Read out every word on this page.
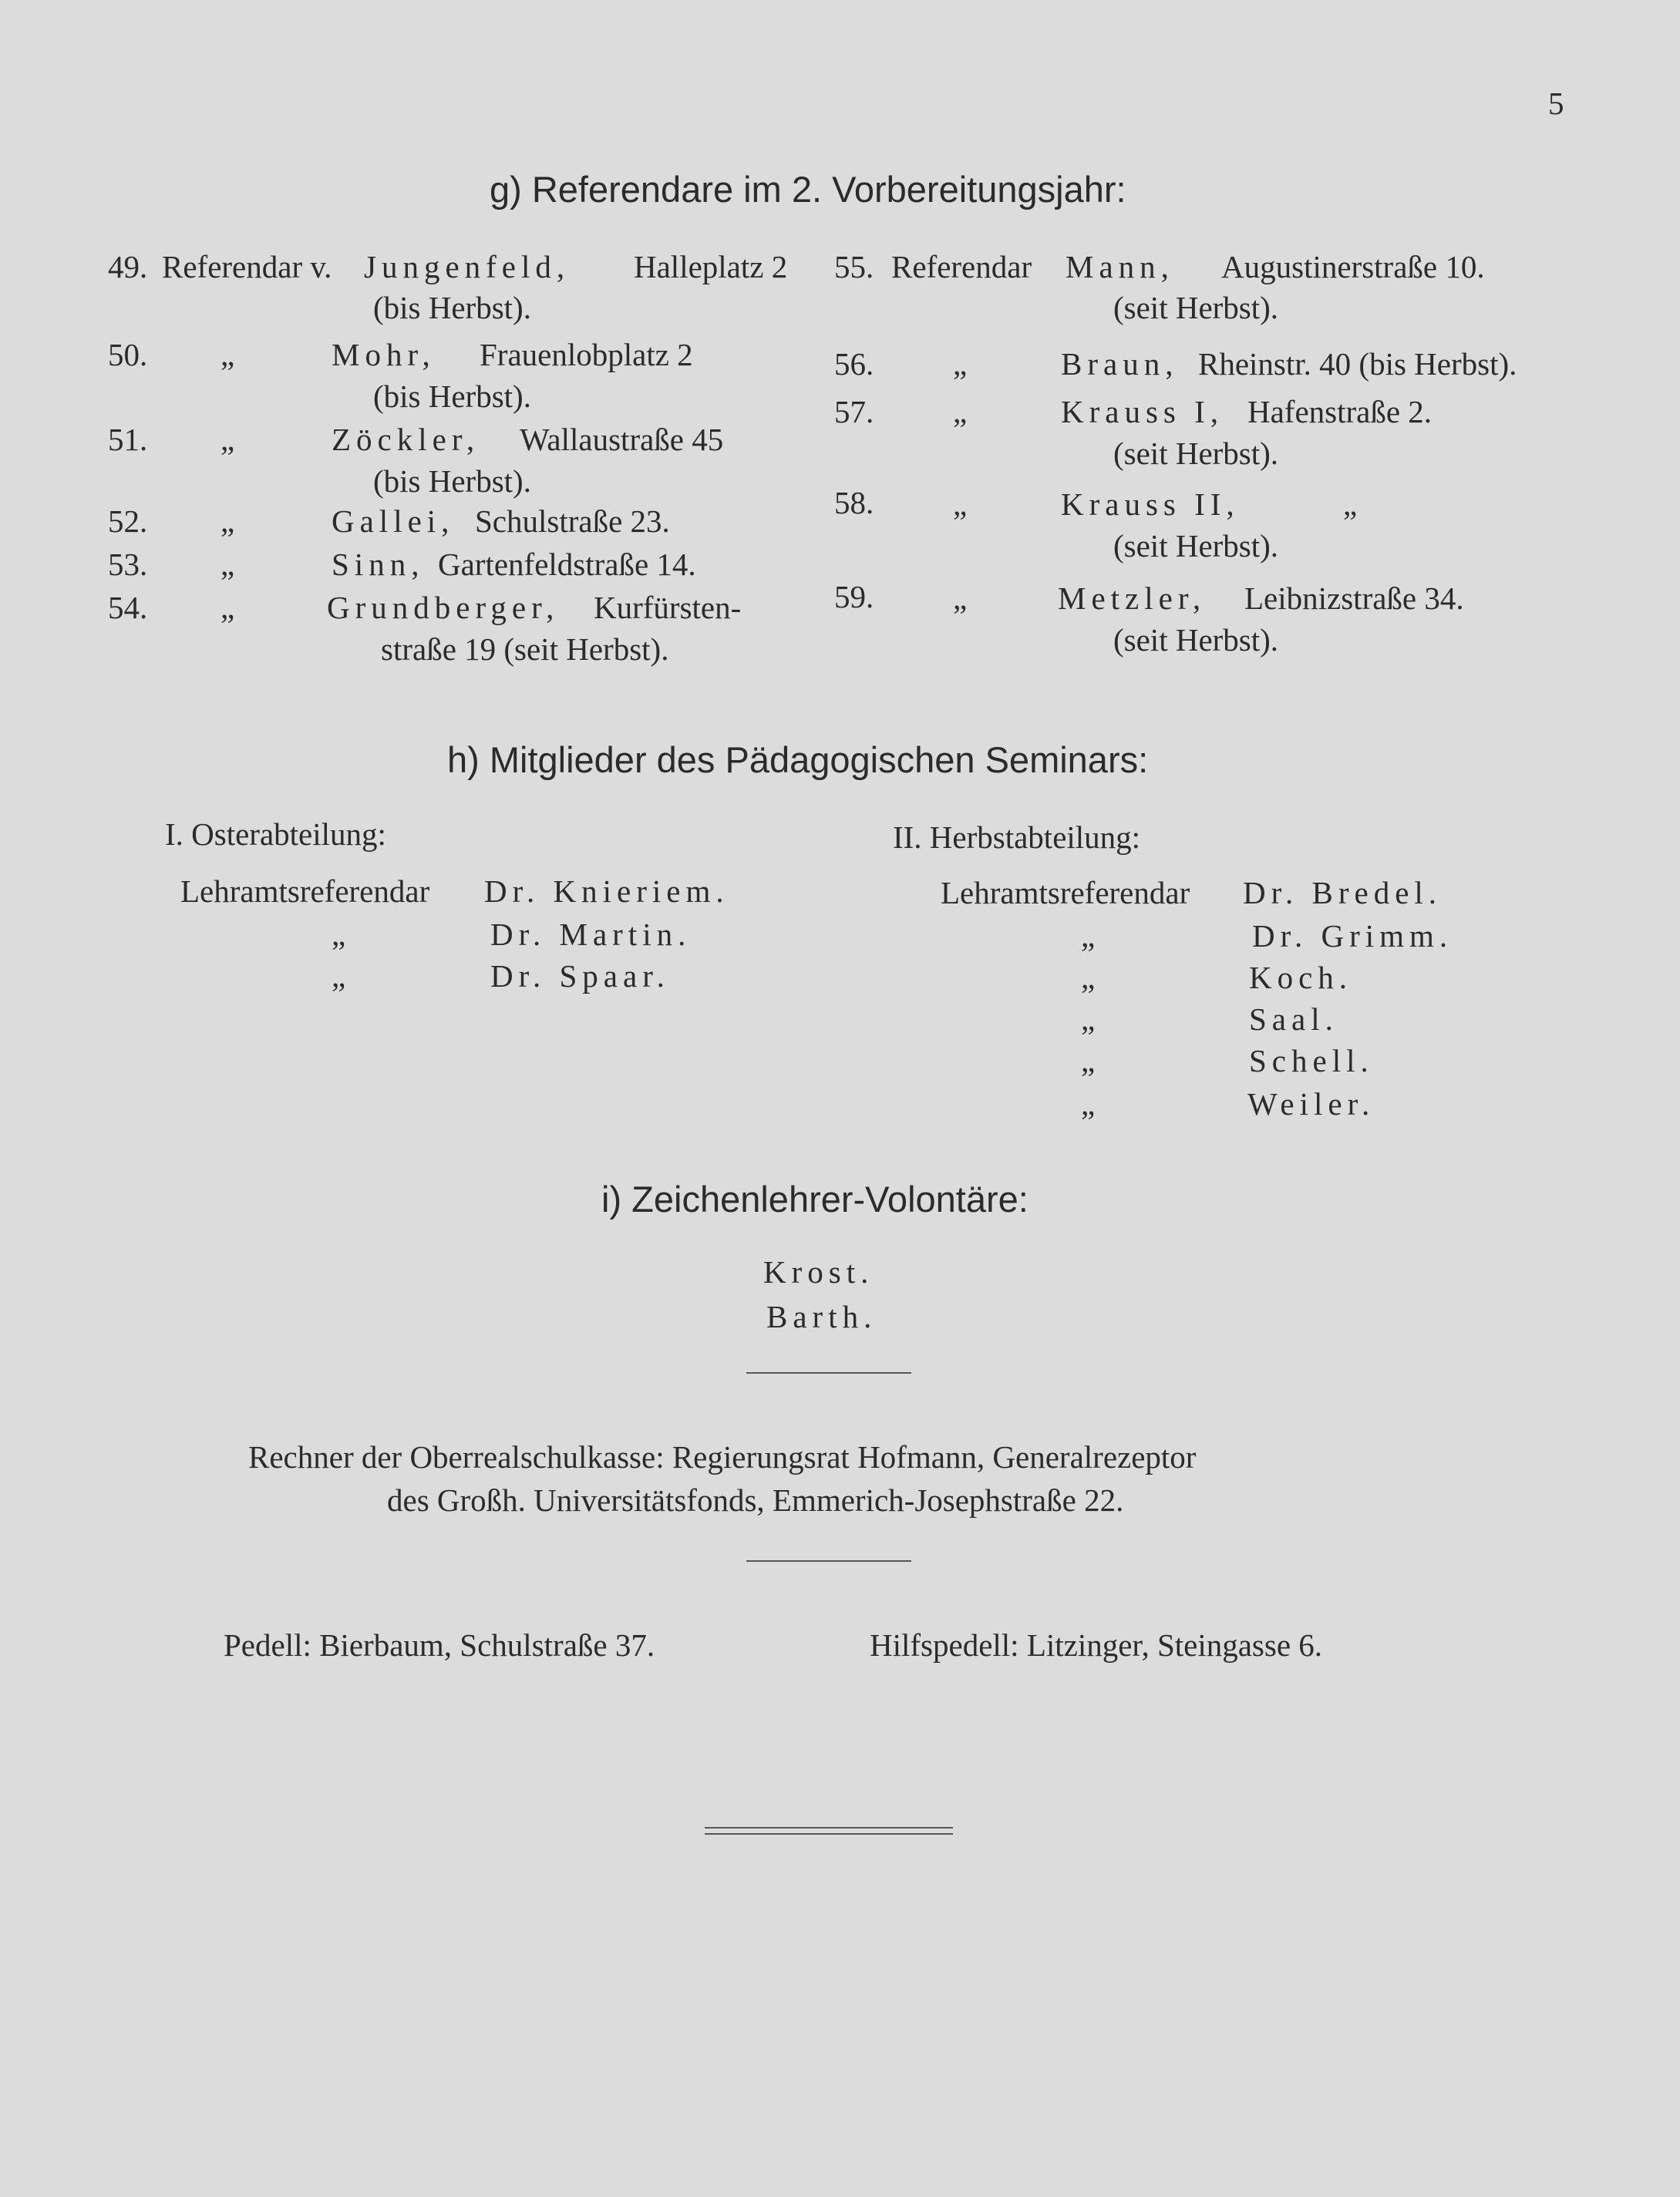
5
g) Referendare im 2. Vorbereitungsjahr:
49. Referendar v. Jungenfeld, Halleplatz 2
(bis Herbst).
50. „	Mohr, Frauenlobplatz 2
(bis Herbst).
51. „	Zöckler, Wallaustraße 45
(bis Herbst).
52. „	Gallei, Schulstraße 23.
53. „	Sinn, Gartenfeldstraße 14.
54. „	Grundberger, Kurfürsten-
straße 19 (seit Herbst).
55. Referendar Mann, Augustinerstraße 10.
(seit Herbst).
56.	„	Braun, Rheinstr. 40 (bis Herbst).
57.	„	Krauss I, Hafenstraße 2.
(seit Herbst).
58.	„	Krauss II,	„
(seit Herbst).
59.	„	Metzler, Leibnizstraße 34.
(seit Herbst).
h) Mitglieder des Pädagogischen Seminars:
I. Osterabteilung:
Lehramtsreferendar Dr. Knieriem.
„	Dr. Martin.
„	Dr. Spaar.
II. Herbstabteilung:
Lehramtsreferendar Dr. Bredel.
„	Dr. Grimm.
„	Koch.
„	Saal.
„	Schell.
„	Weiler.
i) Zeichenlehrer-Volontäre:
Krost.
Barth.
Rechner der Oberrealschulkasse: Regierungsrat Hofmann, Generalrezeptor
des Großh. Universitätsfonds, Emmerich-Josephstraße 22.
Pedell: Bierbaum, Schulstraße 37.	Hilfspedell: Litzinger, Steingasse 6.
